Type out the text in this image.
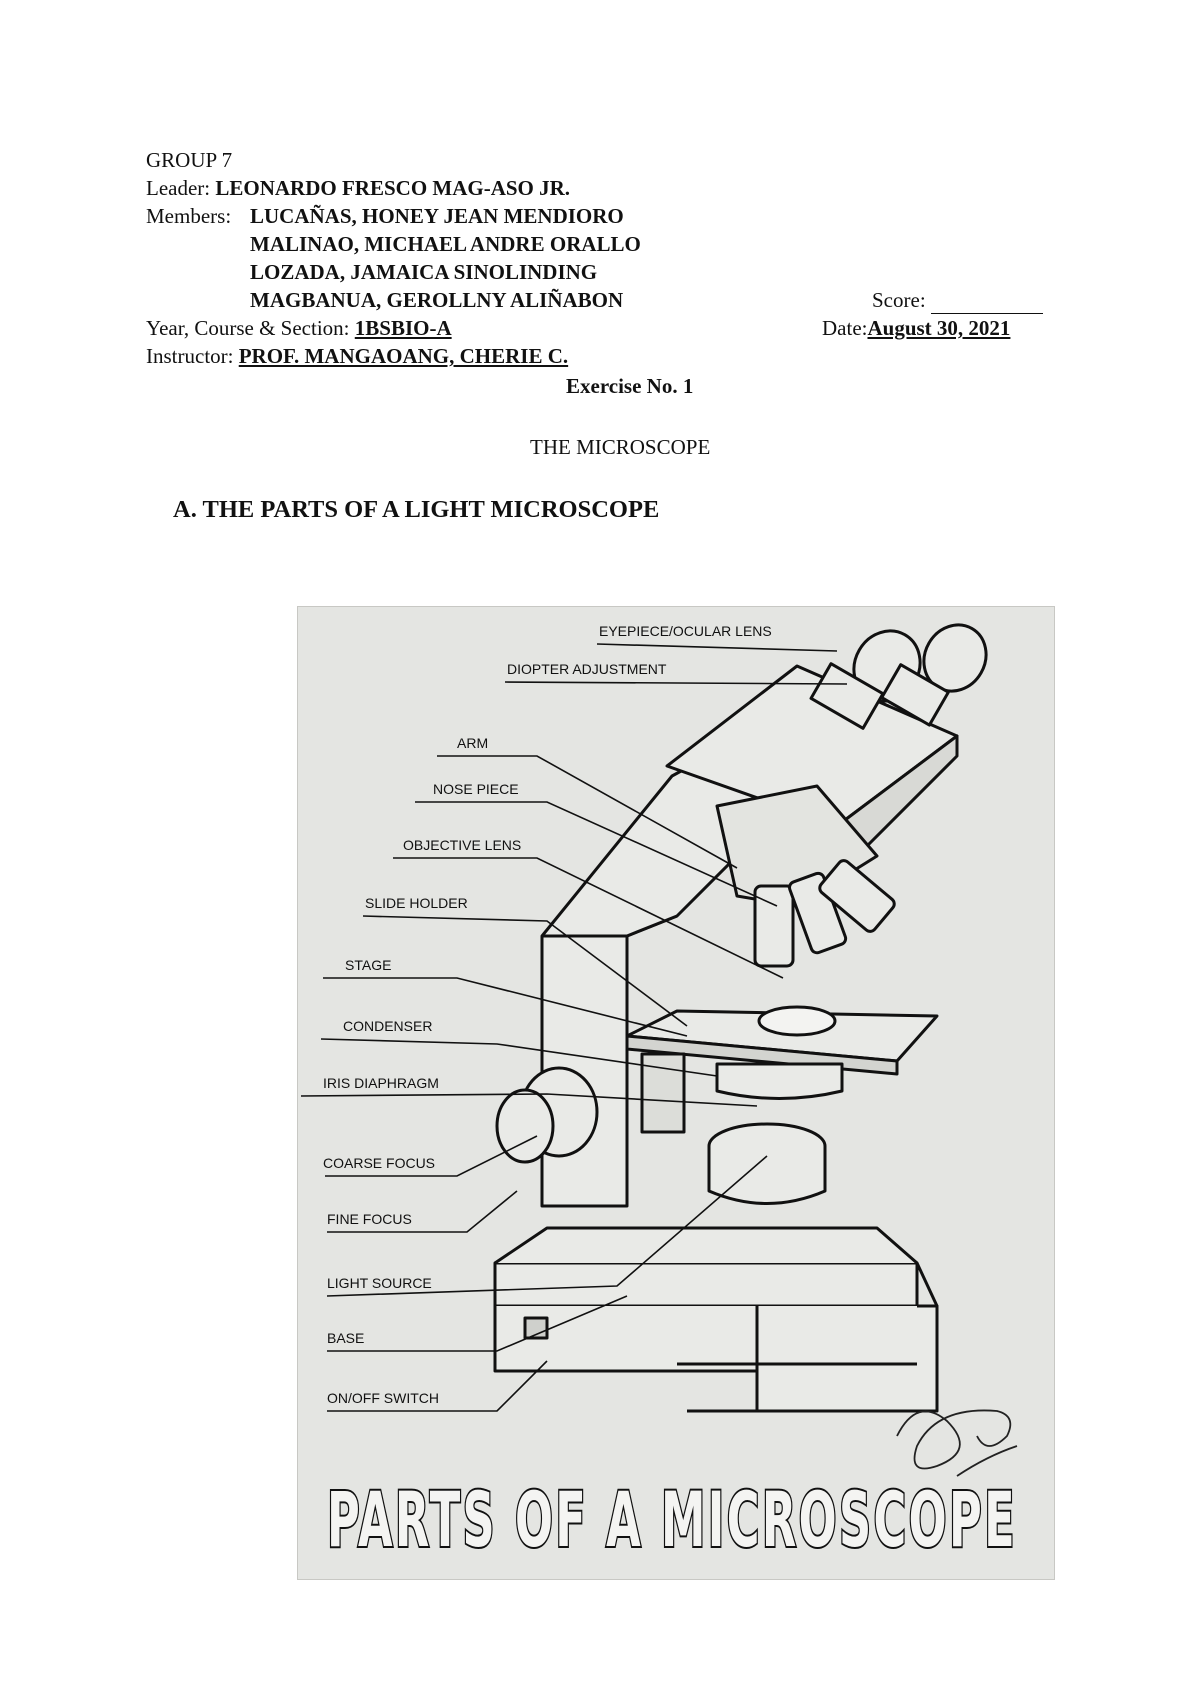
GROUP 7
Leader: LEONARDO FRESCO MAG-ASO JR.
Members: LUCAÑAS, HONEY JEAN MENDIORO
MALINAO, MICHAEL ANDRE ORALLO
LOZADA, JAMAICA SINOLINDING
MAGBANUA, GEROLLNY ALIÑABON	Score:
Year, Course & Section: 1BSBIO-A	Date:August 30, 2021
Instructor: PROF. MANGAOANG, CHERIE C.
Exercise No. 1
THE MICROSCOPE
A. THE PARTS OF A LIGHT MICROSCOPE
EYEPIECE/OCULAR LENS
DIOPTER ADJUSTMENT
ARM
NOSE PIECE
OBJECTIVE LENS
SLIDE HOLDER
STAGE
CONDENSER
IRIS DIAPHRAGM
COARSE FOCUS
FINE FOCUS
LIGHT SOURCE
BASE
ON/OFF SWITCH
PARTS OF A MICROSCOPE
